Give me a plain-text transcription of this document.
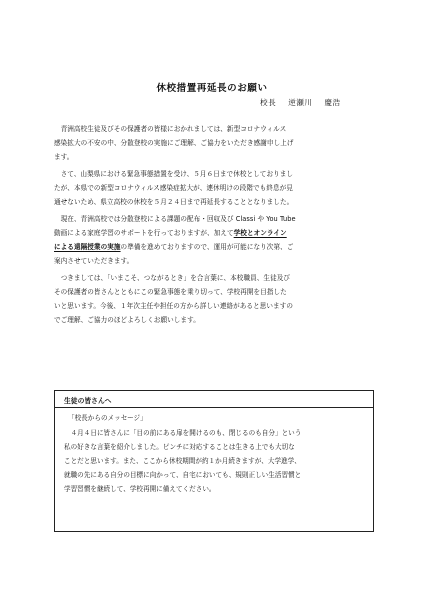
休校措置再延長のお願い
校長 逆瀬川 慶浩

青洲高校生徒及びその保護者の皆様におかれましては、新型コロナウィルス

感染拡大の不安の中、分散登校の実施にご理解、ご協力をいただき感謝申し上げ

ます。

さて、山梨県における緊急事態措置を受け、５月６日まで休校としておりまし

たが、本県での新型コロナウィルス感染症拡大が、連休明けの段階でも終息が見

通せないため、県立高校の休校を５月２４日まで再延長することとなりました。

現在、青洲高校では分散登校による課題の配布・回収及び Classi や You Tube

動画による家庭学習のサポートを行っておりますが、加えて学校とオンライン

による遠隔授業の実施の準備を進めておりますので、運用が可能になり次第、ご

案内させていただきます。

つきましては、「いまこそ、つながるとき」を合言葉に、本校職員、生徒及び

その保護者の皆さんとともにこの緊急事態を乗り切って、学校再開を目指した

いと思います。今後、１年次主任や担任の方から詳しい連絡があると思いますの

でご理解、ご協力のほどよろしくお願いします。

生徒の皆さんへ

「校長からのメッセージ」

４月４日に皆さんに「目の前にある扉を開けるのも、閉じるのも自分」という

私の好きな言葉を紹介しました。ピンチに対応することは生きる上でも大切な

ことだと思います。また、ここから休校期間が約１か月続きますが、大学進学、

就職の先にある自分の目標に向かって、自宅においても、規則正しい生活習慣と

学習習慣を継続して、学校再開に備えてください。
